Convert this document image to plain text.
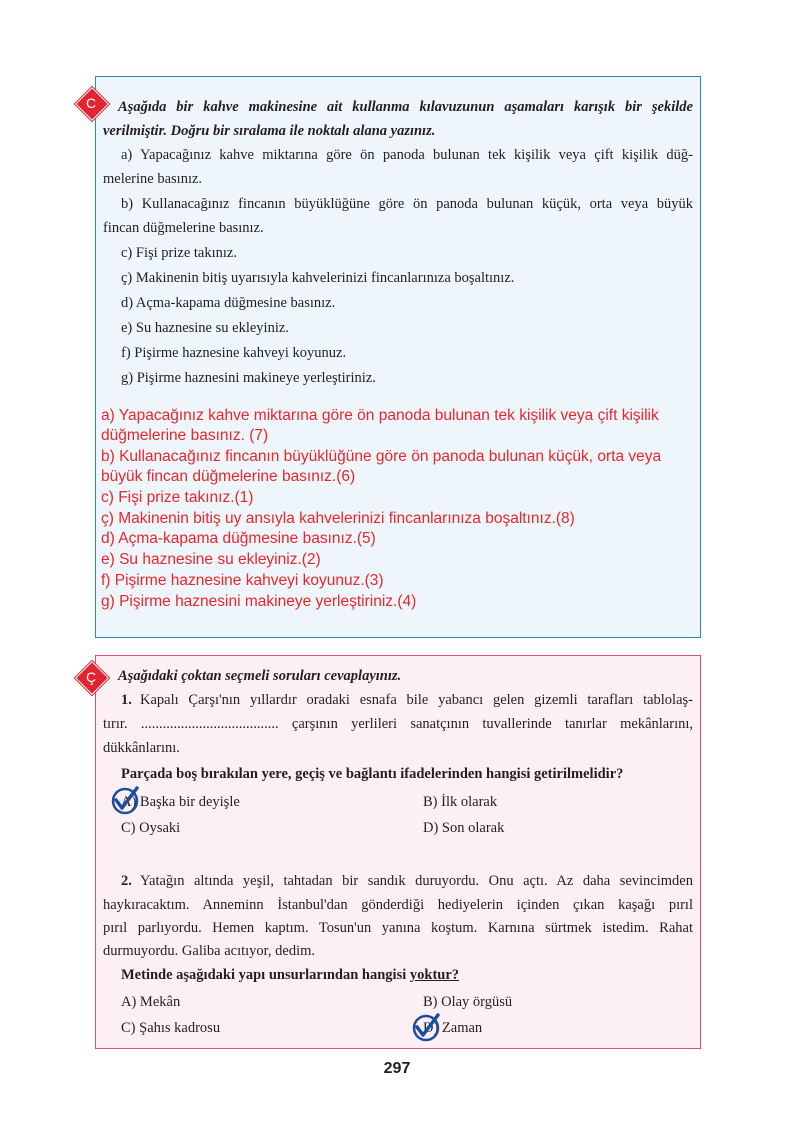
C	Aşağıda bir kahve makinesine ait kullanma kılavuzunun aşamaları karışık bir şekilde
verilmiştir. Doğru bir sıralama ile noktalı alana yazınız.
a) Yapacağınız kahve miktarına göre ön panoda bulunan tek kişilik veya çift kişilik düğ-
melerine basınız.
b) Kullanacağınız fincanın büyüklüğüne göre ön panoda bulunan küçük, orta veya büyük
fincan düğmelerine basınız.
c) Fişi prize takınız.
ç) Makinenin bitiş uyarısıyla kahvelerinizi fincanlarınıza boşaltınız.
d) Açma-kapama düğmesine basınız.
e) Su haznesine su ekleyiniz.
f) Pişirme haznesine kahveyi koyunuz.
g) Pişirme haznesini makineye yerleştiriniz.
a) Yapacağınız kahve miktarına göre ön panoda bulunan tek kişilik veya çift kişilik
düğmelerine basınız. (7)
b) Kullanacağınız fincanın büyüklüğüne göre ön panoda bulunan küçük, orta veya
büyük fincan düğmelerine basınız.(6)
c) Fişi prize takınız.(1)
ç) Makinenin bitiş uy ansıyla kahvelerinizi fincanlarınıza boşaltınız.(8)
d) Açma-kapama düğmesine basınız.(5)
e) Su haznesine su ekleyiniz.(2)
f) Pişirme haznesine kahveyi koyunuz.(3)
g) Pişirme haznesini makineye yerleştiriniz.(4)
Ç	Aşağıdaki çoktan seçmeli soruları cevaplayınız.
1. Kapalı Çarşı'nın yıllardır oradaki esnafa bile yabancı gelen gizemli tarafları tablolaş-
tırır. ...................................... çarşının yerlileri sanatçının tuvallerinde tanırlar mekânlarını,
dükkânlarını.
Parçada boş bırakılan yere, geçiş ve bağlantı ifadelerinden hangisi getirilmelidir?
A) Başka bir deyişle	B) İlk olarak
C) Oysaki	D) Son olarak
2. Yatağın altında yeşil, tahtadan bir sandık duruyordu. Onu açtı. Az daha sevincimden
haykıracaktım. Anneminn İstanbul'dan gönderdiği hediyelerin içinden çıkan kaşağı pırıl
pırıl parlıyordu. Hemen kaptım. Tosun'un yanına koştum. Karnına sürtmek istedim. Rahat
durmuyordu. Galiba acıtıyor, dedim.
Metinde aşağıdaki yapı unsurlarından hangisi yoktur?
A) Mekân	B) Olay örgüsü
C) Şahıs kadrosu	D) Zaman
297
